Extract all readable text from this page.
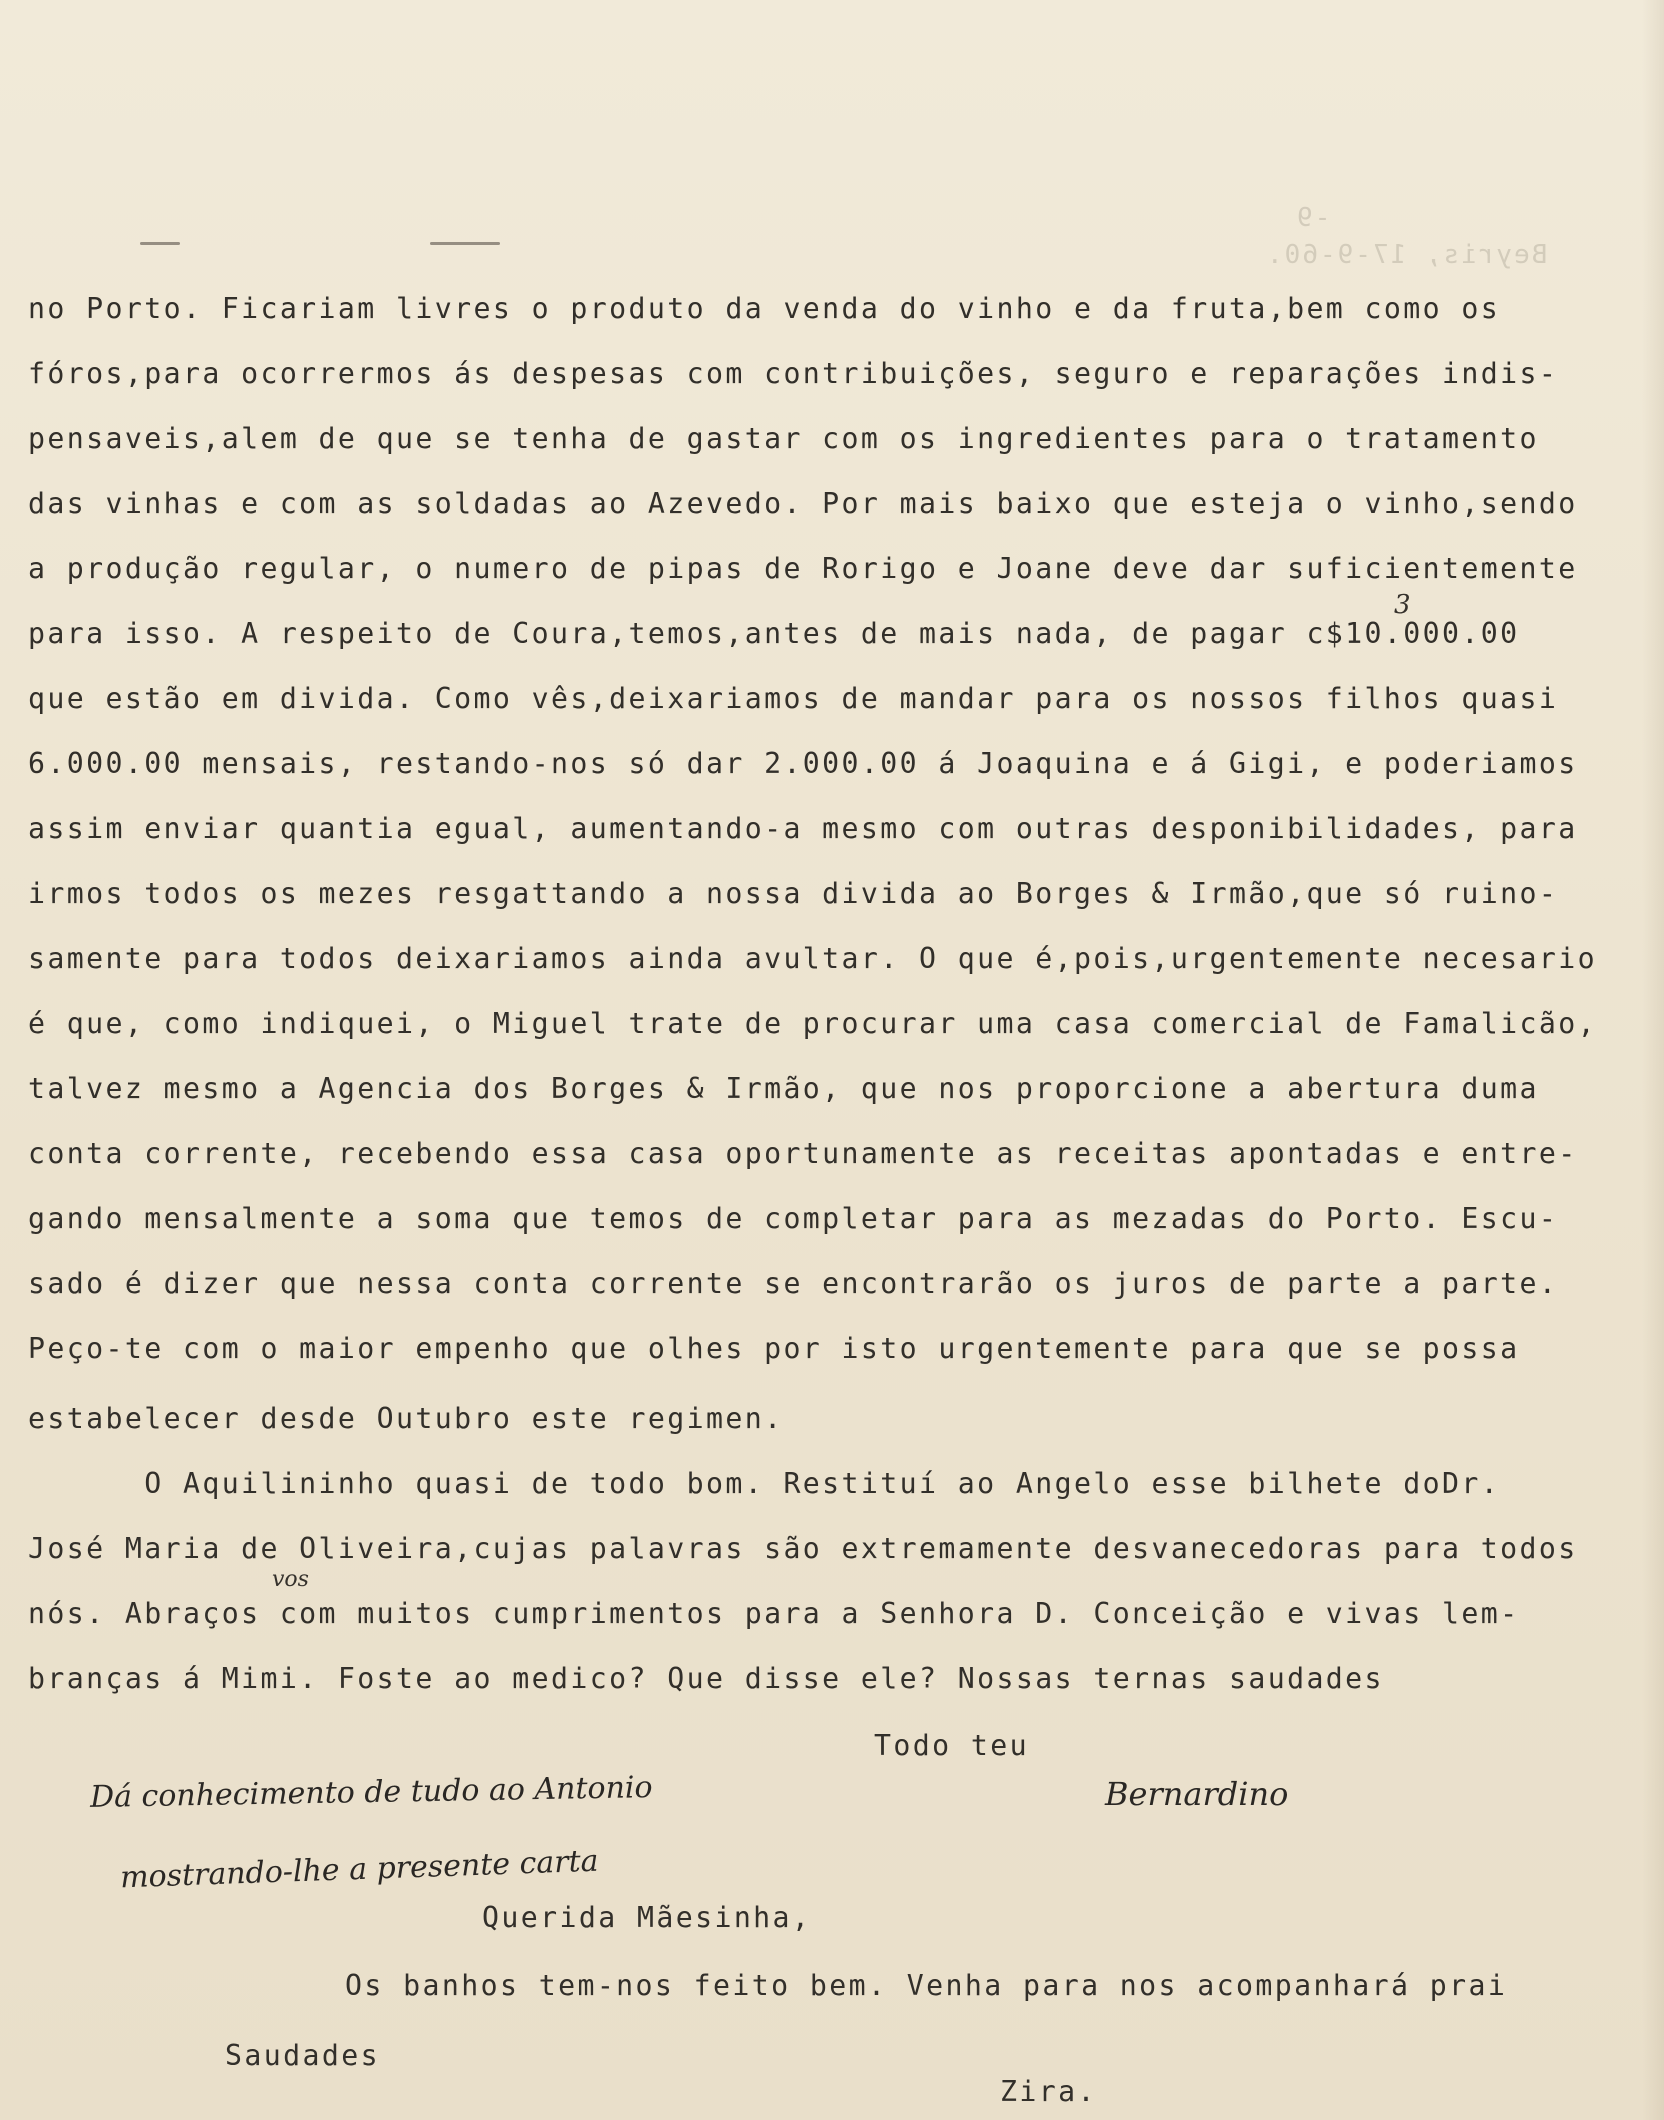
-9
Beyris, 17-9-60.
no Porto. Ficariam livres o produto da venda do vinho e da fruta,bem como os
fóros,para ocorrermos ás despesas com contribuições, seguro e reparações indis-
pensaveis,alem de que se tenha de gastar com os ingredientes para o tratamento
das vinhas e com as soldadas ao Azevedo. Por mais baixo que esteja o vinho,sendo
a produção regular, o numero de pipas de Rorigo e Joane deve dar suficientemente
para isso. A respeito de Coura,temos,antes de mais nada, de pagar c$10.000.00
que estão em divida. Como vês,deixariamos de mandar para os nossos filhos quasi
6.000.00 mensais, restando-nos só dar 2.000.00 á Joaquina e á Gigi, e poderiamos
assim enviar quantia egual, aumentando-a mesmo com outras desponibilidades, para
irmos todos os mezes resgattando a nossa divida ao Borges & Irmão,que só ruino-
samente para todos deixariamos ainda avultar. O que é,pois,urgentemente necesario
é que, como indiquei, o Miguel trate de procurar uma casa comercial de Famalicão,
talvez mesmo a Agencia dos Borges & Irmão, que nos proporcione a abertura duma
conta corrente, recebendo essa casa oportunamente as receitas apontadas e entre-
gando mensalmente a soma que temos de completar para as mezadas do Porto. Escu-
sado é dizer que nessa conta corrente se encontrarão os juros de parte a parte.
Peço-te com o maior empenho que olhes por isto urgentemente para que se possa
estabelecer desde Outubro este regimen.
O Aquilininho quasi de todo bom. Restituí ao Angelo esse bilhete doDr.
José Maria de Oliveira,cujas palavras são extremamente desvanecedoras para todos
nós. Abraços com muitos cumprimentos para a Senhora D. Conceição e vivas lem-
branças á Mimi. Foste ao medico? Que disse ele? Nossas ternas saudades
3
vos
Todo teu
Bernardino
Dá conhecimento de tudo ao Antonio
mostrando-lhe a presente carta
Querida Mãesinha,
Os banhos tem-nos feito bem. Venha para nos acompanhará prai
Saudades
Zira.
